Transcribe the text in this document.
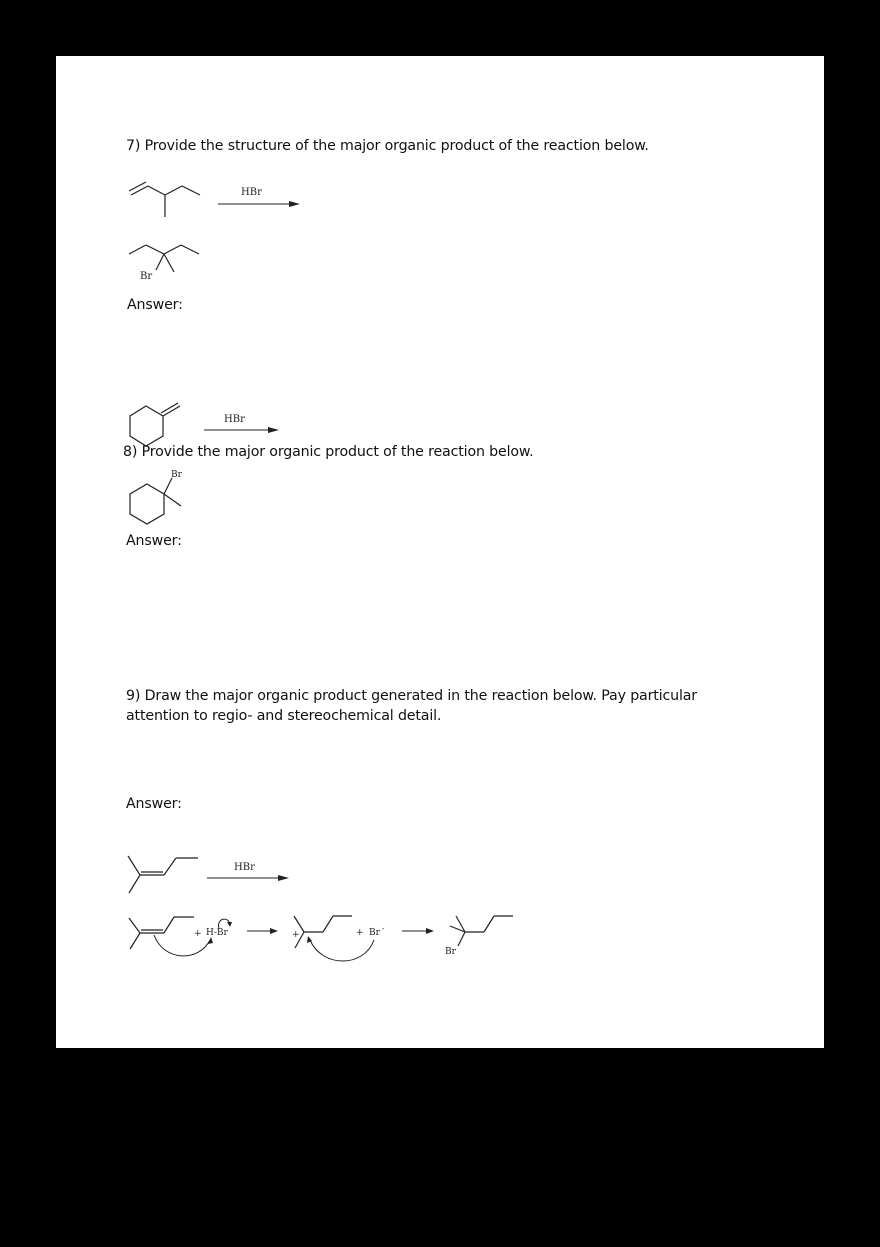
7) Provide the structure of the major organic product of the reaction below.
HBr
Br
Answer:
HBr
8) Provide the major organic product of the reaction below.
Br
Answer:
9) Draw the major organic product generated in the reaction below. Pay particular
attention to regio- and stereochemical detail.
Answer:
HBr
+ H-Br	+	+ Br -
Br
